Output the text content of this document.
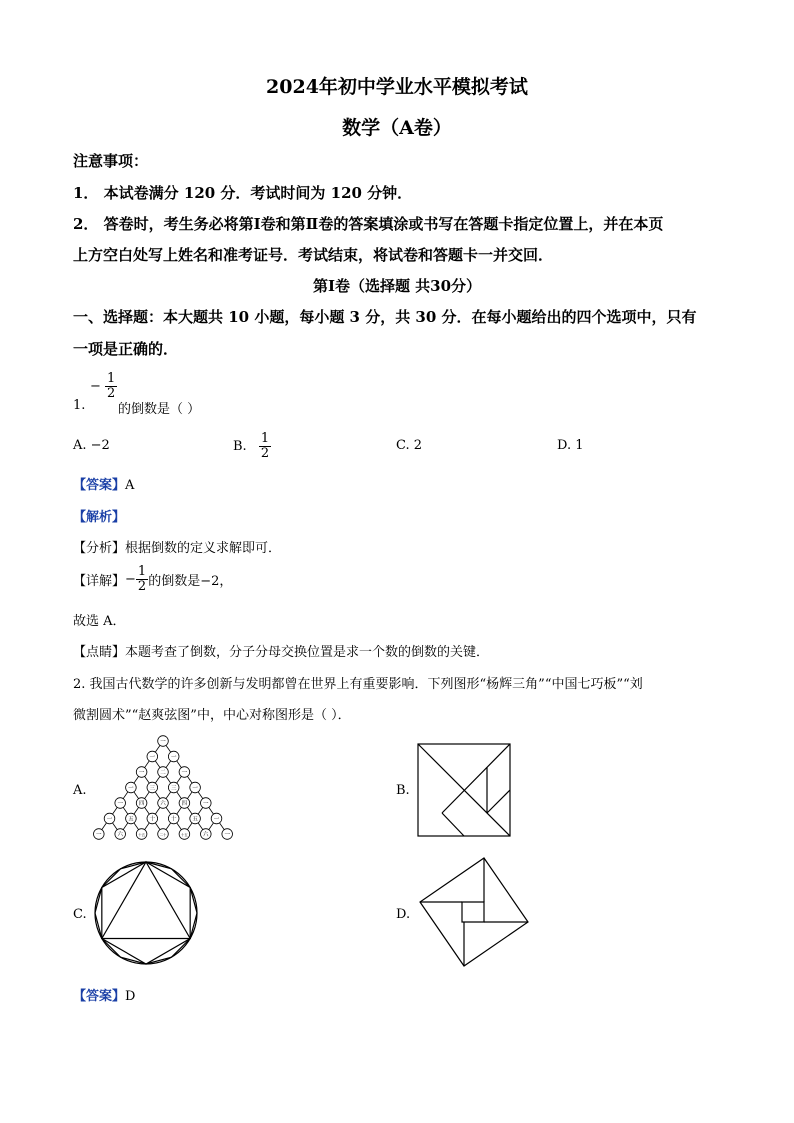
2024年初中学业水平模拟考试
数学（A卷）
注意事项：
1． 本试卷满分 120 分．考试时间为 120 分钟．
2． 答卷时，考生务必将第Ⅰ卷和第Ⅱ卷的答案填涂或书写在答题卡指定位置上，并在本页
上方空白处写上姓名和准考证号．考试结束，将试卷和答题卡一并交回．
第Ⅰ卷（选择题 共30分）
一、选择题：本大题共 10 小题，每小题 3 分，共 30 分．在每小题给出的四个选项中，只有
一项是正确的．
1.
− $\frac{1}{2}$
的倒数是（ ）
A. −2	B. $\frac{1}{2}$	C. 2	D. 1
【答案】A
【解析】
【分析】根据倒数的定义求解即可．
【详解】− $\frac{1}{2}$ 的倒数是−2，
故选 A．
【点睛】本题考查了倒数，分子分母交换位置是求一个数的倒数的关键．
2. 我国古代数学的许多创新与发明都曾在世界上有重要影响．下列图形“杨辉三角”“中国七巧板”“刘
微割圆术”“赵爽弦图”中，中心对称图形是（ ）．
A.	B.
C.	D.
一
一	一
一	二	一
一	三	三	一
一	四	六	四	一
一	五	十	十	五	一
一	六	十五	二十	十五	六	一
【答案】D
